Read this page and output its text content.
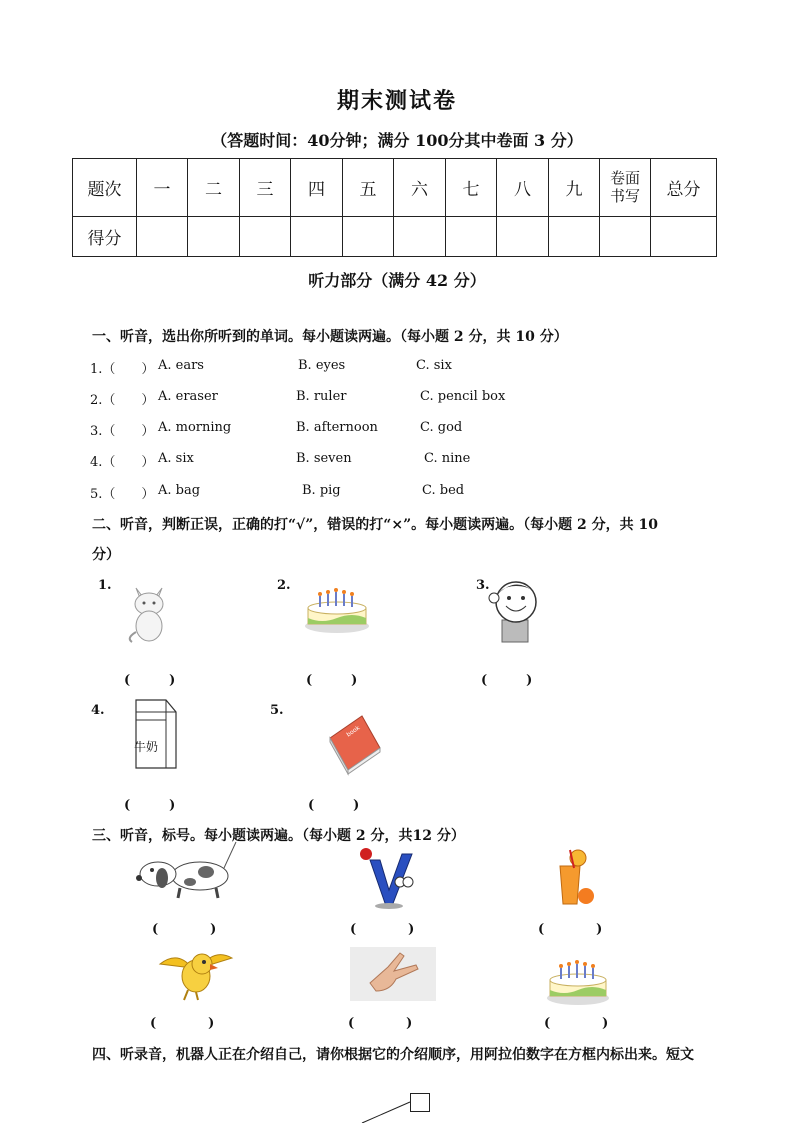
期末测试卷
（答题时间：40分钟；满分 100分其中卷面 3 分）
题次	一	二	三	四	五	六	七	八	九	卷面书写	总分
得分											
听力部分（满分 42 分）
一、听音，选出你所听到的单词。每小题读两遍。（每小题 2 分，共 10 分）
1.（　　） A. ears	B. eyes	C. six
2.（　　） A. eraser	B. ruler	C. pencil box
3.（　　） A. morning	B. afternoon	C. god
4.（　　） A. six	B. seven	C. nine
5.（　　） A. bag	B. pig	C. bed
二、听音，判断正误，正确的打“√”，错误的打“×”。每小题读两遍。（每小题 2 分，共 10
分）
1.	2.	3.
4.	5.
(　　　)	(　　　)	(　　　)
牛奶
book
(　　　)	(　　　)
三、听音，标号。每小题读两遍。（每小题 2 分，共12 分）
(　　　　)	(　　　　)	(　　　　)
(　　　　)	(　　　　)	(　　　　)
四、听录音，机器人正在介绍自己，请你根据它的介绍顺序，用阿拉伯数字在方框内标出来。短文
